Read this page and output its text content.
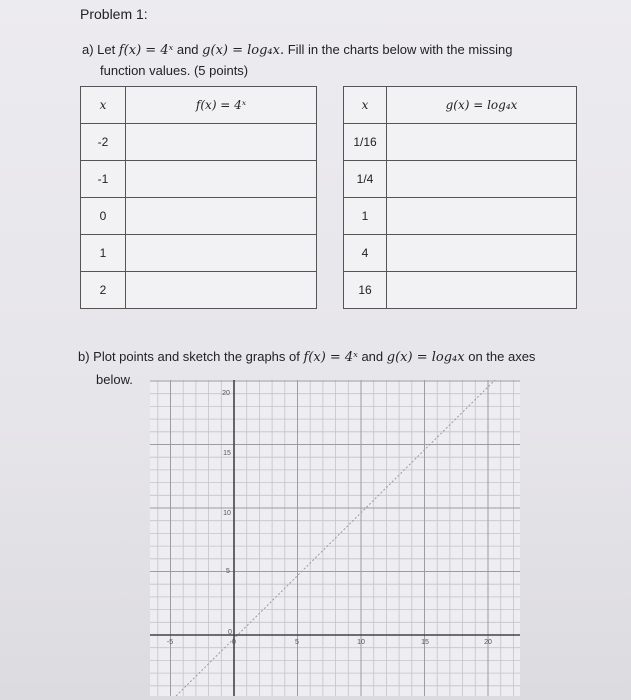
Problem 1:
a) Let f(x) = 4ˣ and g(x) = log₄x. Fill in the charts below with the missing
function values. (5 points)
x	f(x) = 4ˣ
-2	
-1	
0	
1	
2	
x	g(x) = log₄x
1/16	
1/4	
1	
4	
16	
b) Plot points and sketch the graphs of f(x) = 4ˣ and g(x) = log₄x on the axes
below.
20
15
10
5
0
-5	0	5	10	15	20
